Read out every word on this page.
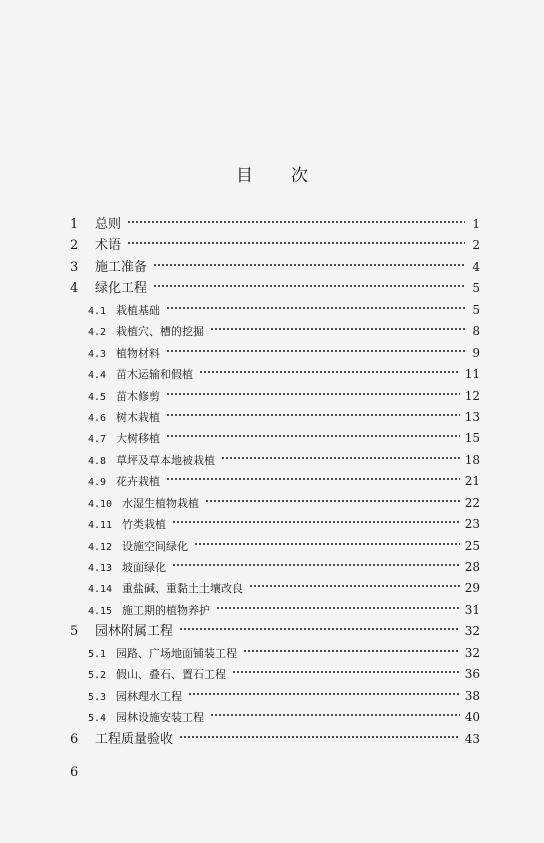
目 次
1	总则	1
2	术语	2
3	施工准备	4
4	绿化工程	5
4.1 栽植基础	5
4.2 栽植穴、槽的挖掘	8
4.3 植物材料	9
4.4 苗木运输和假植	11
4.5 苗木修剪	12
4.6 树木栽植	13
4.7 大树移植	15
4.8 草坪及草本地被栽植	18
4.9 花卉栽植	21
4.10 水湿生植物栽植	22
4.11 竹类栽植	23
4.12 设施空间绿化	25
4.13 坡面绿化	28
4.14 重盐碱、重黏土土壤改良	29
4.15 施工期的植物养护	31
5	园林附属工程	32
5.1 园路、广场地面铺装工程	32
5.2 假山、叠石、置石工程	36
5.3 园林理水工程	38
5.4 园林设施安装工程	40
6	工程质量验收	43
6
